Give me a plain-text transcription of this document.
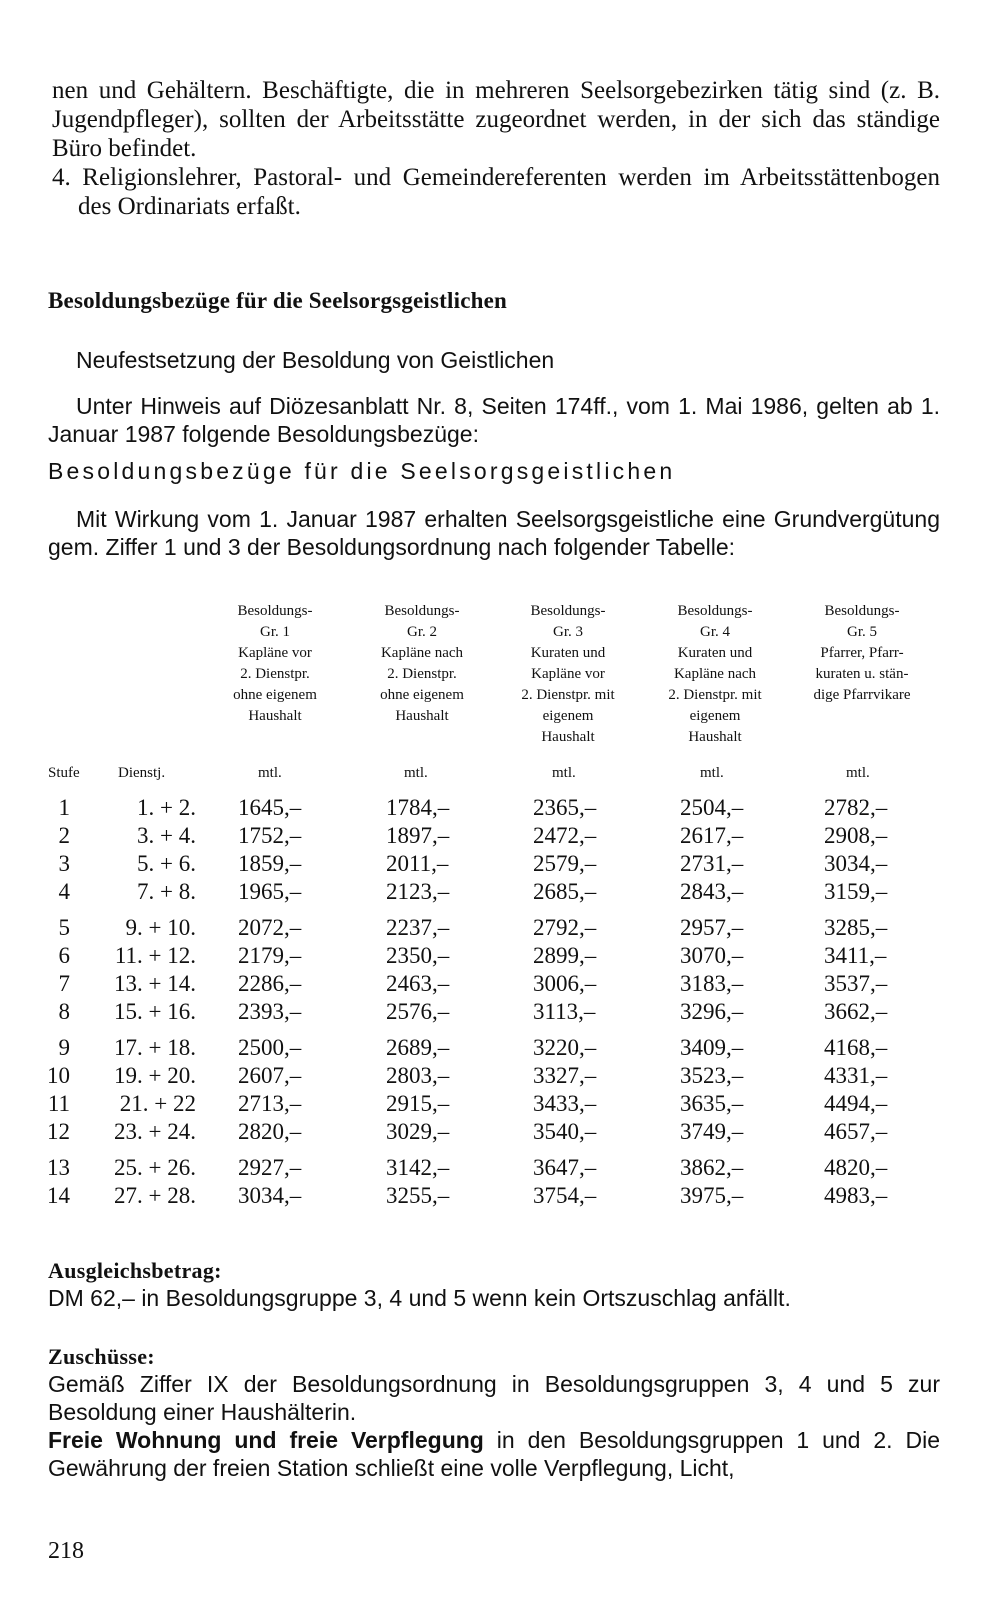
nen und Gehältern. Beschäftigte, die in mehreren Seelsorgebezirken tätig sind (z. B. Jugendpfleger), sollten der Arbeitsstätte zugeordnet werden, in der sich das ständige Büro befindet.

4. Religionslehrer, Pastoral- und Gemeindereferenten werden im Arbeitsstättenbogen des Ordinariats erfaßt.

Besoldungsbezüge für die Seelsorgsgeistlichen
Neufestsetzung der Besoldung von Geistlichen

Unter Hinweis auf Diözesanblatt Nr. 8, Seiten 174ff., vom 1. Mai 1986, gelten ab 1. Januar 1987 folgende Besoldungsbezüge:

Besoldungsbezüge für die Seelsorgsgeistlichen

Mit Wirkung vom 1. Januar 1987 erhalten Seelsorgsgeistliche eine Grundvergütung gem. Ziffer 1 und 3 der Besoldungsordnung nach folgender Tabelle:

Besoldungs-
Gr. 1
Kapläne vor
2. Dienstpr.
ohne eigenem
Haushalt
Besoldungs-
Gr. 2
Kapläne nach
2. Dienstpr.
ohne eigenem
Haushalt
Besoldungs-
Gr. 3
Kuraten und
Kapläne vor
2. Dienstpr. mit
eigenem
Haushalt
Besoldungs-
Gr. 4
Kuraten und
Kapläne nach
2. Dienstpr. mit
eigenem
Haushalt
Besoldungs-
Gr. 5
Pfarrer, Pfarr-
kuraten u. stän-
dige Pfarrvikare
Stufe	Dienstj.	mtl.	mtl.	mtl.	mtl.	mtl.
1	1. + 2. 1645,–	1784,–	2365,–	2504,–	2782,–
2	3. + 4. 1752,–	1897,–	2472,–	2617,–	2908,–
3	5. + 6. 1859,–	2011,–	2579,–	2731,–	3034,–
4	7. + 8. 1965,–	2123,–	2685,–	2843,–	3159,–
5	9. + 10. 2072,–	2237,–	2792,–	2957,–	3285,–
6	11. + 12. 2179,–	2350,–	2899,–	3070,–	3411,–
7	13. + 14. 2286,–	2463,–	3006,–	3183,–	3537,–
8	15. + 16. 2393,–	2576,–	3113,–	3296,–	3662,–
9	17. + 18. 2500,–	2689,–	3220,–	3409,–	4168,–
10	19. + 20. 2607,–	2803,–	3327,–	3523,–	4331,–
11	21. + 22 2713,–	2915,–	3433,–	3635,–	4494,–
12	23. + 24. 2820,–	3029,–	3540,–	3749,–	4657,–
13	25. + 26. 2927,–	3142,–	3647,–	3862,–	4820,–
14	27. + 28. 3034,–	3255,–	3754,–	3975,–	4983,–
Ausgleichsbetrag:

DM 62,– in Besoldungsgruppe 3, 4 und 5 wenn kein Ortszuschlag anfällt.

Zuschüsse:
Gemäß Ziffer IX der Besoldungsordnung in Besoldungsgruppen 3, 4 und 5 zur Besoldung einer Haushälterin.
Freie Wohnung und freie Verpflegung in den Besoldungsgruppen 1 und 2. Die Gewährung der freien Station schließt eine volle Verpflegung, Licht,
218
